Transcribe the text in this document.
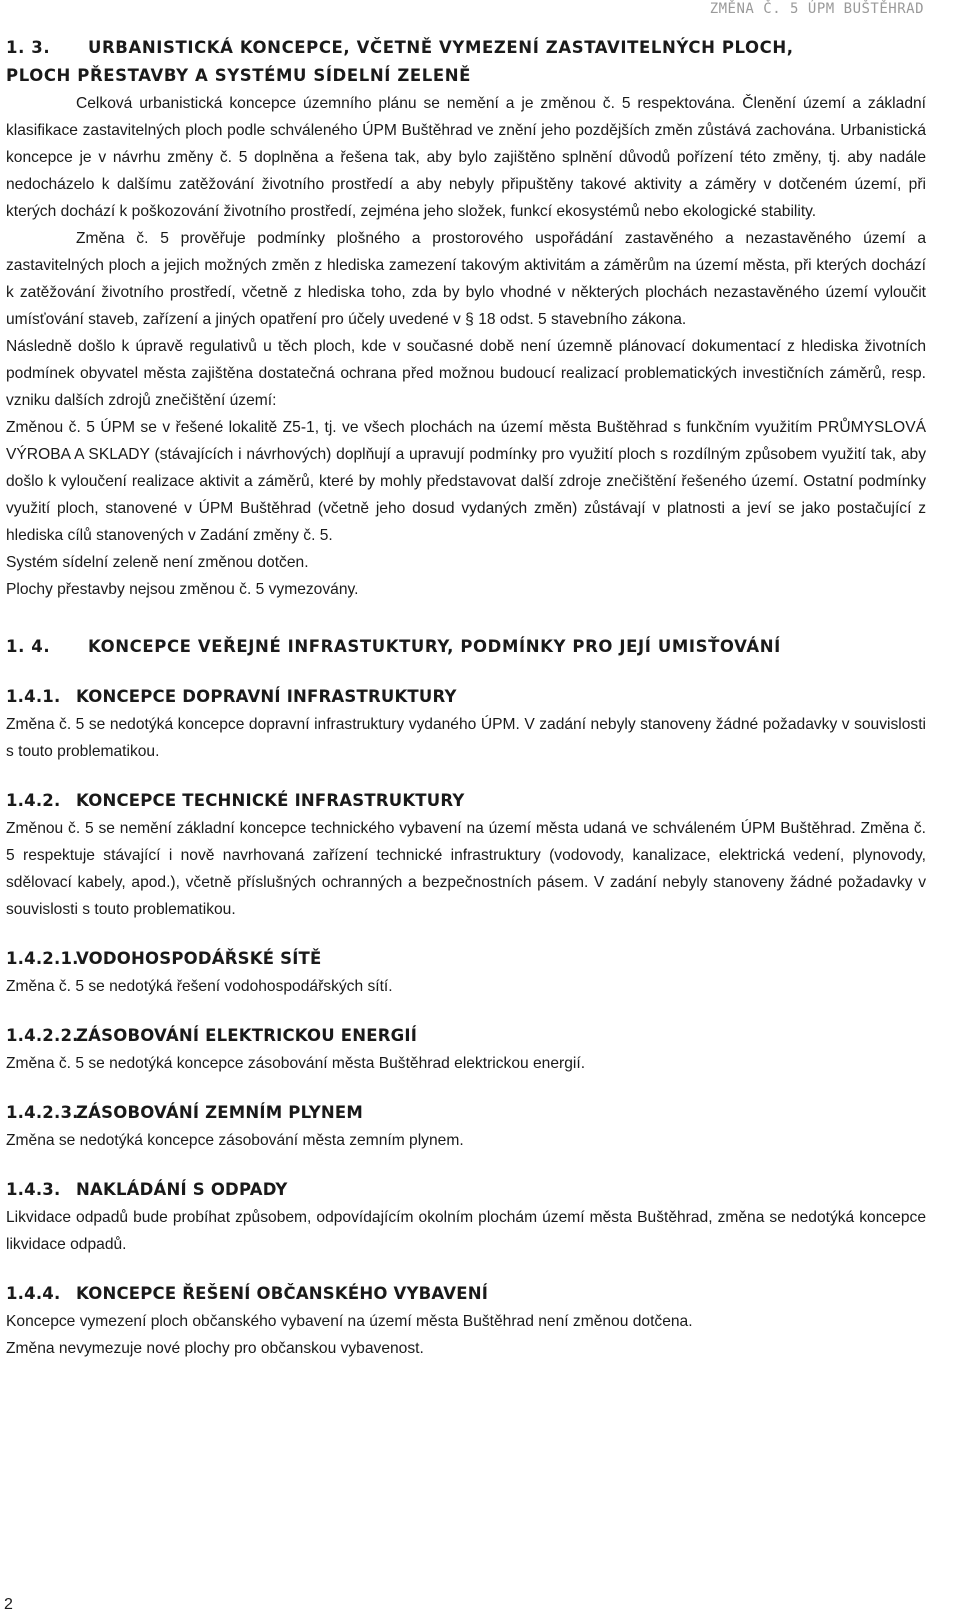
ZMĚNA Č. 5 ÚPM BUŠTĚHRAD
1. 3.	URBANISTICKÁ KONCEPCE, VČETNĚ VYMEZENÍ ZASTAVITELNÝCH PLOCH,
PLOCH PŘESTAVBY A SYSTÉMU SÍDELNÍ ZELENĚ

Celková urbanistická koncepce územního plánu se nemění a je změnou č. 5 respektována. Členění území a základní klasifikace zastavitelných ploch podle schváleného ÚPM Buštěhrad ve znění jeho pozdějších změn zůstává zachována. Urbanistická koncepce je v návrhu změny č. 5 doplněna a řešena tak, aby bylo zajištěno splnění důvodů pořízení této změny, tj. aby nadále nedocházelo k dalšímu zatěžování životního prostředí a aby nebyly připuštěny takové aktivity a záměry v dotčeném území, při kterých dochází k poškozování životního prostředí, zejména jeho složek, funkcí ekosystémů nebo ekologické stability.

Změna č. 5 prověřuje podmínky plošného a prostorového uspořádání zastavěného a nezastavěného území a zastavitelných ploch a jejich možných změn z hlediska zamezení takovým aktivitám a záměrům na území města, při kterých dochází k zatěžování životního prostředí, včetně z hlediska toho, zda by bylo vhodné v některých plochách nezastavěného území vyloučit umísťování staveb, zařízení a jiných opatření pro účely uvedené v § 18 odst. 5 stavebního zákona.

Následně došlo k úpravě regulativů u těch ploch, kde v současné době není územně plánovací dokumentací z hlediska životních podmínek obyvatel města zajištěna dostatečná ochrana před možnou budoucí realizací problematických investičních záměrů, resp. vzniku dalších zdrojů znečištění území:

Změnou č. 5 ÚPM se v řešené lokalitě Z5-1, tj. ve všech plochách na území města Buštěhrad s funkčním využitím PRŮMYSLOVÁ VÝROBA A SKLADY (stávajících i návrhových) doplňují a upravují podmínky pro využití ploch s rozdílným způsobem využití tak, aby došlo k vyloučení realizace aktivit a záměrů, které by mohly představovat další zdroje znečištění řešeného území. Ostatní podmínky využití ploch, stanovené v ÚPM Buštěhrad (včetně jeho dosud vydaných změn) zůstávají v platnosti a jeví se jako postačující z hlediska cílů stanovených v Zadání změny č. 5.

Systém sídelní zeleně není změnou dotčen.

Plochy přestavby nejsou změnou č. 5 vymezovány.

1. 4.	KONCEPCE VEŘEJNÉ INFRASTUKTURY, PODMÍNKY PRO JEJÍ UMISŤOVÁNÍ
1.4.1. KONCEPCE DOPRAVNÍ INFRASTRUKTURY

Změna č. 5 se nedotýká koncepce dopravní infrastruktury vydaného ÚPM. V zadání nebyly stanoveny žádné požadavky v souvislosti s touto problematikou.

1.4.2. KONCEPCE TECHNICKÉ INFRASTRUKTURY

Změnou č. 5 se nemění základní koncepce technického vybavení na území města udaná ve schváleném ÚPM Buštěhrad. Změna č. 5 respektuje stávající i nově navrhovaná zařízení technické infrastruktury (vodovody, kanalizace, elektrická vedení, plynovody, sdělovací kabely, apod.), včetně příslušných ochranných a bezpečnostních pásem. V zadání nebyly stanoveny žádné požadavky v souvislosti s touto problematikou.

1.4.2.1.
VODOHOSPODÁŘSKÉ SÍTĚ

Změna č. 5 se nedotýká řešení vodohospodářských sítí.

1.4.2.2.
ZÁSOBOVÁNÍ ELEKTRICKOU ENERGIÍ

Změna č. 5 se nedotýká koncepce zásobování města Buštěhrad elektrickou energií.

1.4.2.3.
ZÁSOBOVÁNÍ ZEMNÍM PLYNEM

Změna se nedotýká koncepce zásobování města zemním plynem.

1.4.3. NAKLÁDÁNÍ S ODPADY

Likvidace odpadů bude probíhat způsobem, odpovídajícím okolním plochám území města Buštěhrad, změna se nedotýká koncepce likvidace odpadů.

1.4.4. KONCEPCE ŘEŠENÍ OBČANSKÉHO VYBAVENÍ

Koncepce vymezení ploch občanského vybavení na území města Buštěhrad není změnou dotčena.

Změna nevymezuje nové plochy pro občanskou vybavenost.

2
